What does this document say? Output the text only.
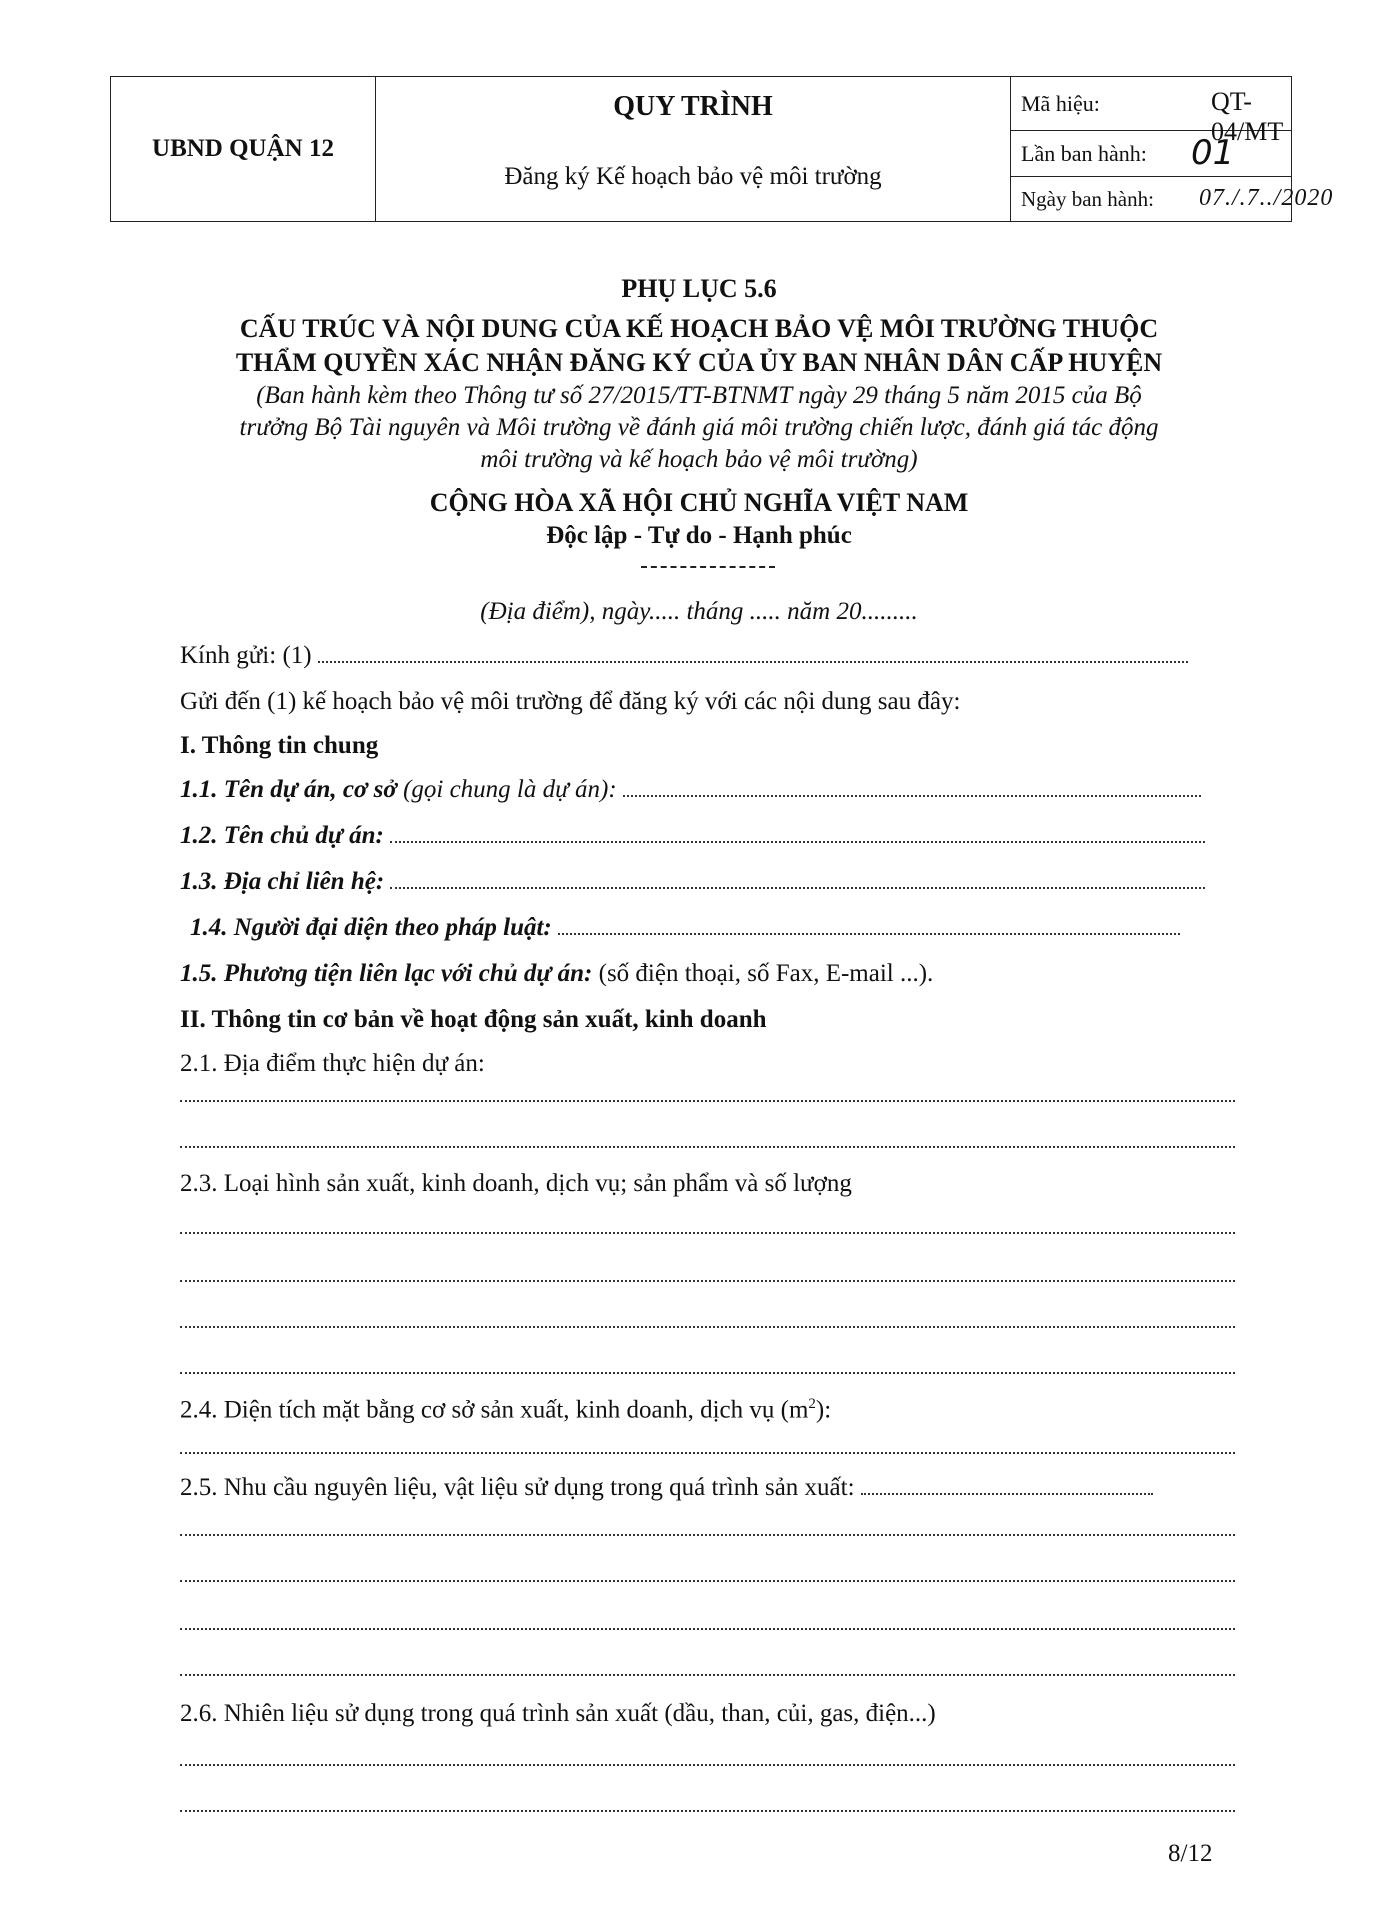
UBND QUẬN 12
QUY TRÌNH
Đăng ký Kế hoạch bảo vệ môi trường
Mã hiệu:	QT-04/MT
Lần ban hành: 01
Ngày ban hành: 07./.7../2020
PHỤ LỤC 5.6
CẤU TRÚC VÀ NỘI DUNG CỦA KẾ HOẠCH BẢO VỆ MÔI TRƯỜNG THUỘC
THẨM QUYỀN XÁC NHẬN ĐĂNG KÝ CỦA ỦY BAN NHÂN DÂN CẤP HUYỆN
(Ban hành kèm theo Thông tư số 27/2015/TT-BTNMT ngày 29 tháng 5 năm 2015 của Bộ
trưởng Bộ Tài nguyên và Môi trường về đánh giá môi trường chiến lược, đánh giá tác động
môi trường và kế hoạch bảo vệ môi trường)
CỘNG HÒA XÃ HỘI CHỦ NGHĨA VIỆT NAM
Độc lập - Tự do - Hạnh phúc
(Địa điểm), ngày..... tháng ..... năm 20.........
Kính gửi: (1)
Gửi đến (1) kế hoạch bảo vệ môi trường để đăng ký với các nội dung sau đây:
I. Thông tin chung
1.1. Tên dự án, cơ sở (gọi chung là dự án):
1.2. Tên chủ dự án:
1.3. Địa chỉ liên hệ:
1.4. Người đại diện theo pháp luật:
1.5. Phương tiện liên lạc với chủ dự án: (số điện thoại, số Fax, E-mail ...).
II. Thông tin cơ bản về hoạt động sản xuất, kinh doanh
2.1. Địa điểm thực hiện dự án:
2.3. Loại hình sản xuất, kinh doanh, dịch vụ; sản phẩm và số lượng
2.4. Diện tích mặt bằng cơ sở sản xuất, kinh doanh, dịch vụ $(m^2)$:
2.5. Nhu cầu nguyên liệu, vật liệu sử dụng trong quá trình sản xuất:
2.6. Nhiên liệu sử dụng trong quá trình sản xuất (dầu, than, củi, gas, điện...)
8/12
